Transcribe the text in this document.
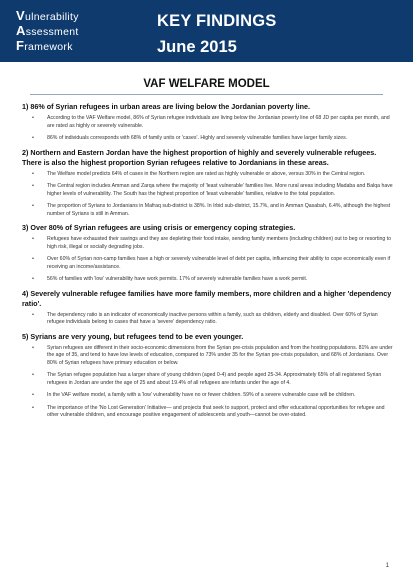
Vulnerability
Assessment
Framework
KEY FINDINGS
June 2015
VAF WELFARE MODEL
1) 86% of Syrian refugees in urban areas are living below the Jordanian poverty line.
•	According to the VAF Welfare model, 86% of Syrian refugee individuals are living below the Jordanian poverty line of 68 JD per capita per month, and are rated as highly or severely vulnerable.
•	86% of individuals corresponds with 68% of family units or 'cases'. Highly and severely vulnerable families have larger family sizes.
2) Northern and Eastern Jordan have the highest proportion of highly and severely vulnerable refugees. There is also the highest proportion Syrian refugees relative to Jordanians in these areas.
•	The Welfare model predicts 64% of cases in the Northern region are rated as highly vulnerable or above, versus 30% in the Central region.
•	The Central region includes Amman and Zarqa where the majority of 'least vulnerable' families live. More rural areas including Madaba and Balqa have higher levels of vulnerability. The South has the highest proportion of 'least vulnerable' families, relative to the total population.
•	The proportion of Syrians to Jordanians in Mafraq sub-district is 38%. In Irbid sub-district, 15.7%, and in Amman Qasabah, 6.4%, although the highest number of Syrians is still in Amman.
3) Over 80% of Syrian refugees are using crisis or emergency coping strategies.
•	Refugees have exhausted their savings and they are depleting their food intake, sending family members (including children) out to beg or resorting to high risk, illegal or socially degrading jobs.
•	Over 60% of Syrian non-camp families have a high or severely vulnerable level of debt per capita, influencing their ability to cope economically even if receiving an income/assistance.
•	56% of families with 'low' vulnerability have work permits. 17% of severely vulnerable families have a work permit.
4) Severely vulnerable refugee families have more family members, more children and a higher 'dependency ratio'.
•	The dependency ratio is an indicator of economically inactive persons within a family, such as children, elderly and disabled. Over 60% of Syrian refugee individuals belong to cases that have a 'severe' dependency ratio.
5) Syrians are very young, but refugees tend to be even younger.
•	Syrian refugees are different in their socio-economic dimensions from the Syrian pre-crisis population and from the hosting populations. 81% are under the age of 35, and tend to have low levels of education, compared to 73% under 35 for the Syrian pre-crisis population, and 68% of Jordanians. Over 80% of Syrian refugees have primary education or below.
•	The Syrian refugee population has a larger share of young children (aged 0-4) and people aged 25-34. Approximately 65% of all registered Syrian refugees in Jordan are under the age of 25 and about 19.4% of all refugees are infants under the age of 4.
•	In the VAF welfare model, a family with a 'low' vulnerability have no or fewer children. 59% of a severe vulnerable case will be children.
•	The importance of the 'No Lost Generation' Initiative— and projects that seek to support, protect and offer educational opportunities for refugee and other vulnerable children, and encourage positive engagement of adolescents and youth—cannot be over-stated.
1
